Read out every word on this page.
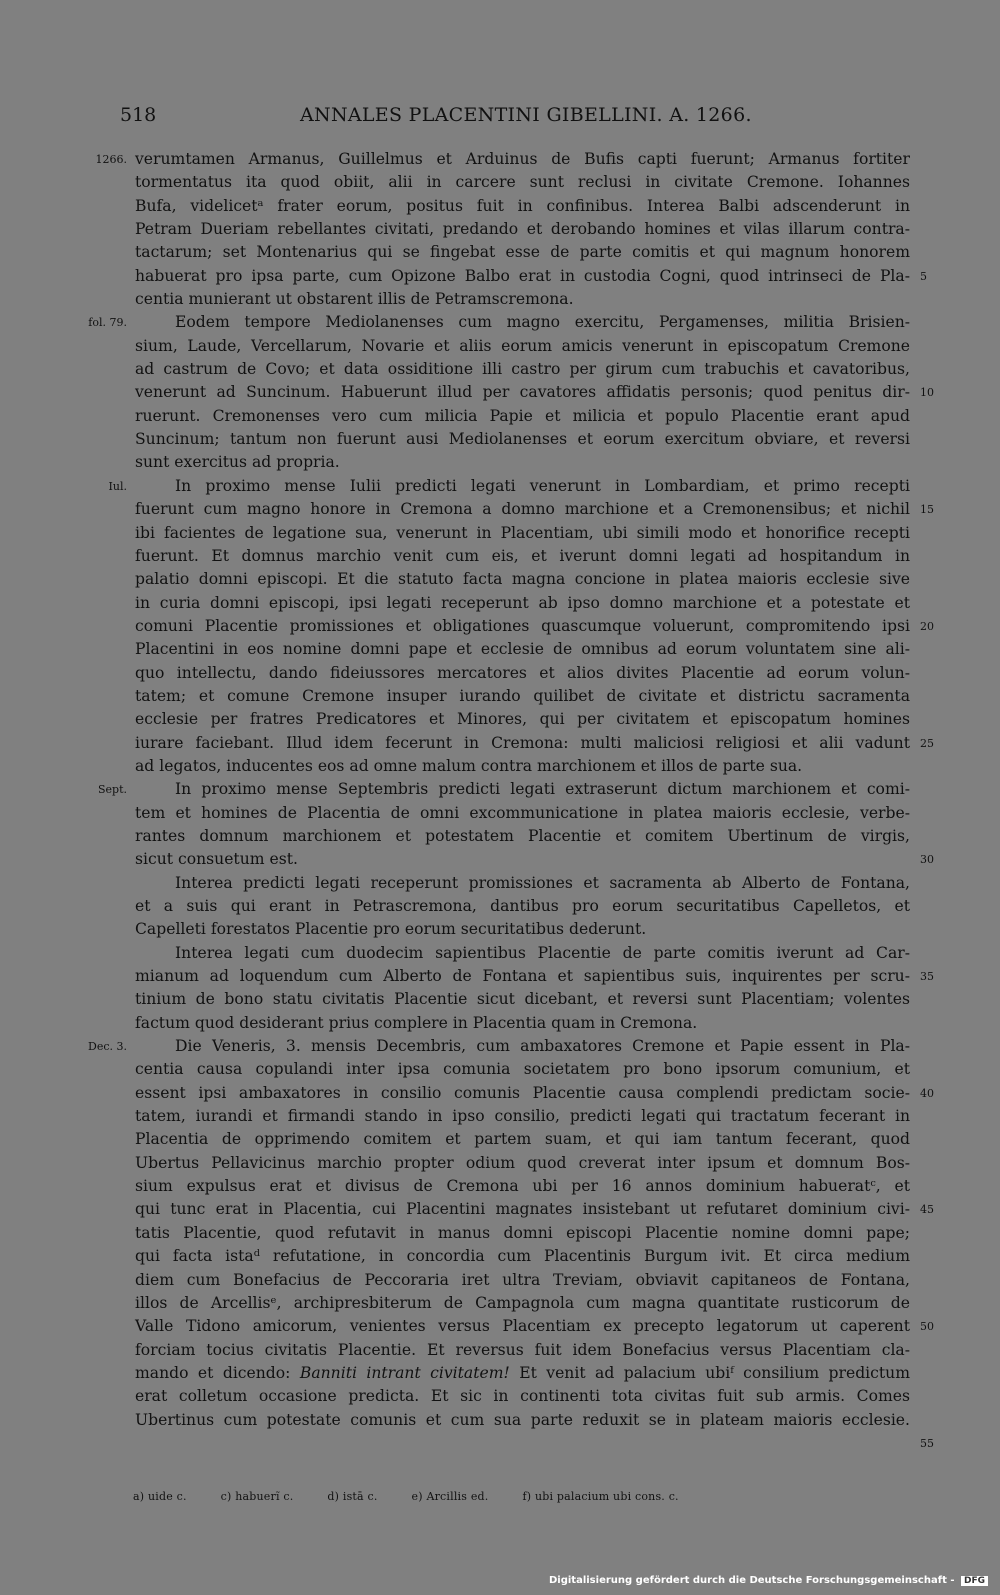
518	ANNALES PLACENTINI GIBELLINI. A. 1266.
1266. verumtamen Armanus, Guillelmus et Arduinus de Bufis capti fuerunt; Armanus fortiter
tormentatus ita quod obiit, alii in carcere sunt reclusi in civitate Cremone. Iohannes
Bufa, videlicetᵃ frater eorum, positus fuit in confinibus. Interea Balbi adscenderunt in
Petram Dueriam rebellantes civitati, predando et derobando homines et vilas illarum contra-
tactarum; set Montenarius qui se fingebat esse de parte comitis et qui magnum honorem
5
habuerat pro ipsa parte, cum Opizone Balbo erat in custodia Cogni, quod intrinseci de Pla-
centia munierant ut obstarent illis de Petramscremona.
fol. 79.	Eodem tempore Mediolanenses cum magno exercitu, Pergamenses, militia Brisien-
sium, Laude, Vercellarum, Novarie et aliis eorum amicis venerunt in episcopatum Cremone
ad castrum de Covo; et data ossiditione illi castro per girum cum trabuchis et cavatoribus,
10
venerunt ad Suncinum. Habuerunt illud per cavatores affidatis personis; quod penitus dir-
ruerunt. Cremonenses vero cum milicia Papie et milicia et populo Placentie erant apud
Suncinum; tantum non fuerunt ausi Mediolanenses et eorum exercitum obviare, et reversi
sunt exercitus ad propria.
Iul.	In proximo mense Iulii predicti legati venerunt in Lombardiam, et primo recepti
15
fuerunt cum magno honore in Cremona a domno marchione et a Cremonensibus; et nichil
ibi facientes de legatione sua, venerunt in Placentiam, ubi simili modo et honorifice recepti
fuerunt. Et domnus marchio venit cum eis, et iverunt domni legati ad hospitandum in
palatio domni episcopi. Et die statuto facta magna concione in platea maioris ecclesie sive
in curia domni episcopi, ipsi legati receperunt ab ipso domno marchione et a potestate et
20
comuni Placentie promissiones et obligationes quascumque voluerunt, compromitendo ipsi
Placentini in eos nomine domni pape et ecclesie de omnibus ad eorum voluntatem sine ali-
quo intellectu, dando fideiussores mercatores et alios divites Placentie ad eorum volun-
tatem; et comune Cremone insuper iurando quilibet de civitate et districtu sacramenta
ecclesie per fratres Predicatores et Minores, qui per civitatem et episcopatum homines
25
iurare faciebant. Illud idem fecerunt in Cremona: multi maliciosi religiosi et alii vadunt
ad legatos, inducentes eos ad omne malum contra marchionem et illos de parte sua.
Sept.	In proximo mense Septembris predicti legati extraserunt dictum marchionem et comi-
tem et homines de Placentia de omni excommunicatione in platea maioris ecclesie, verbe-
rantes domnum marchionem et potestatem Placentie et comitem Ubertinum de virgis,
30
sicut consuetum est.
Interea predicti legati receperunt promissiones et sacramenta ab Alberto de Fontana,
et a suis qui erant in Petrascremona, dantibus pro eorum securitatibus Capelletos, et
Capelleti forestatos Placentie pro eorum securitatibus dederunt.
Interea legati cum duodecim sapientibus Placentie de parte comitis iverunt ad Car-
35
mianum ad loquendum cum Alberto de Fontana et sapientibus suis, inquirentes per scru-
tinium de bono statu civitatis Placentie sicut dicebant, et reversi sunt Placentiam; volentes
factum quod desiderant prius complere in Placentia quam in Cremona.
Dec. 3.	Die Veneris, 3. mensis Decembris, cum ambaxatores Cremone et Papie essent in Pla-
centia causa copulandi inter ipsa comunia societatem pro bono ipsorum comunium, et
40
essent ipsi ambaxatores in consilio comunis Placentie causa complendi predictam socie-
tatem, iurandi et firmandi stando in ipso consilio, predicti legati qui tractatum fecerant in
Placentia de opprimendo comitem et partem suam, et qui iam tantum fecerant, quod
Ubertus Pellavicinus marchio propter odium quod creverat inter ipsum et domnum Bos-
sium expulsus erat et divisus de Cremona ubi per 16 annos dominium habueratᶜ, et
45
qui tunc erat in Placentia, cui Placentini magnates insistebant ut refutaret dominium civi-
tatis Placentie, quod refutavit in manus domni episcopi Placentie nomine domni pape;
qui facta istaᵈ refutatione, in concordia cum Placentinis Burgum ivit. Et circa medium
diem cum Bonefacius de Peccoraria iret ultra Treviam, obviavit capitaneos de Fontana,
illos de Arcellisᵉ, archipresbiterum de Campagnola cum magna quantitate rusticorum de
50
Valle Tidono amicorum, venientes versus Placentiam ex precepto legatorum ut caperent
forciam tocius civitatis Placentie. Et reversus fuit idem Bonefacius versus Placentiam cla-
mando et dicendo: Banniti intrant civitatem! Et venit ad palacium ubiᶠ consilium predictum
erat colletum occasione predicta. Et sic in continenti tota civitas fuit sub armis. Comes
Ubertinus cum potestate comunis et cum sua parte reduxit se in plateam maioris ecclesie.
55
a) uide c.	c) habuerĩ c.	d) istā c.	e) Arcillis ed.	f) ubi palacium ubi cons. c.
Digitalisierung gefördert durch die Deutsche Forschungsgemeinschaft - DFG
